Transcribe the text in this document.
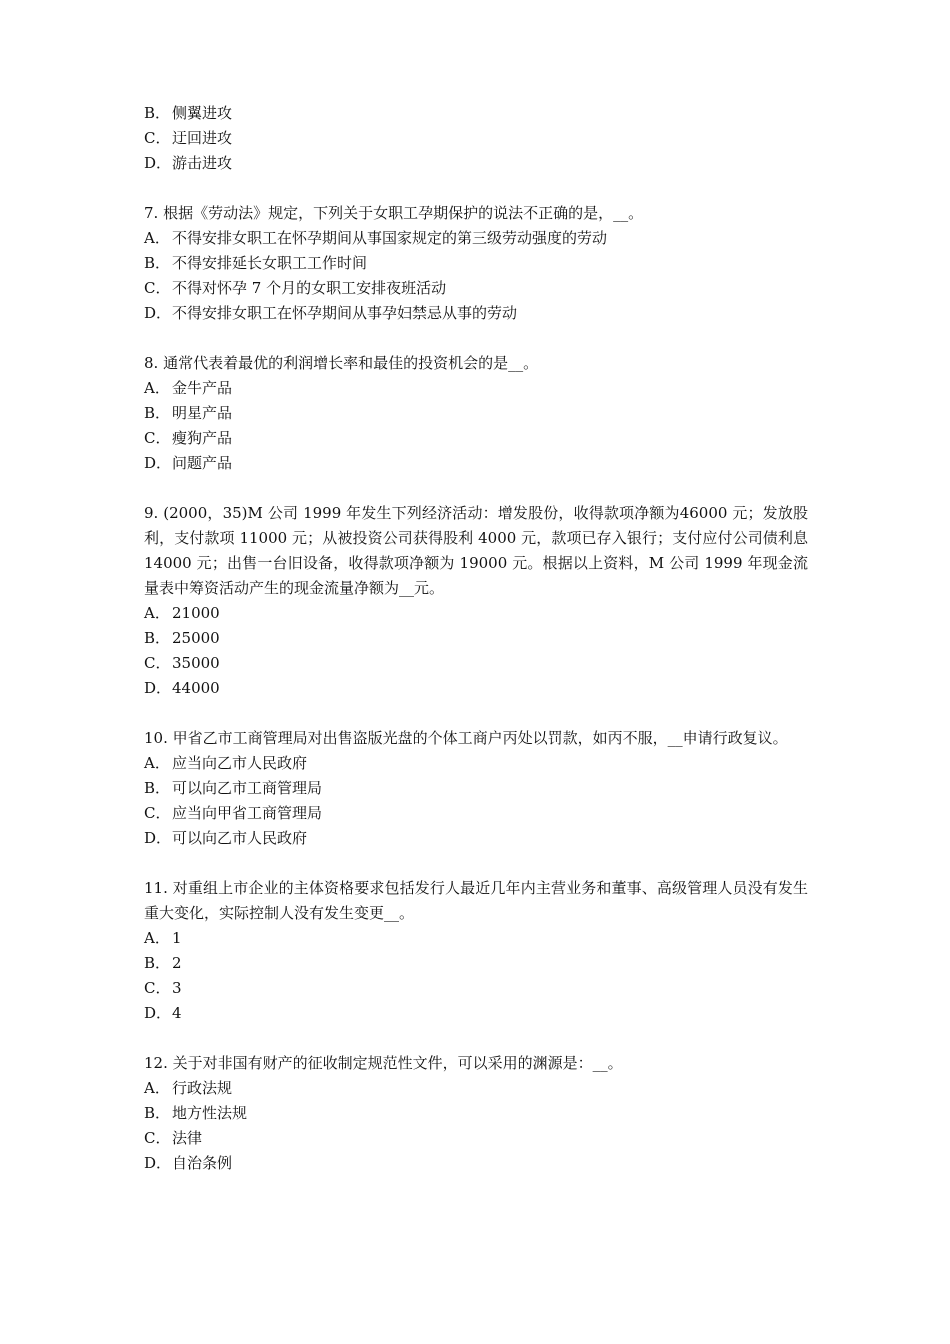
B． 侧翼进攻
C． 迂回进攻
D．游击进攻

7. 根据《劳动法》规定，下列关于女职工孕期保护的说法不正确的是，__。

A． 不得安排女职工在怀孕期间从事国家规定的第三级劳动强度的劳动
B． 不得安排延长女职工工作时间
C． 不得对怀孕 7 个月的女职工安排夜班活动
D．不得安排女职工在怀孕期间从事孕妇禁忌从事的劳动

8. 通常代表着最优的利润增长率和最佳的投资机会的是__。

A． 金牛产品
B． 明星产品
C． 瘦狗产品
D．问题产品

9. (2000，35)M 公司 1999 年发生下列经济活动：增发股份，收得款项净额为46000 元；发放股利，支付款项 11000 元；从被投资公司获得股利 4000 元，款项已存入银行；支付应付公司债利息 14000 元；出售一台旧设备，收得款项净额为 19000 元。根据以上资料，M 公司 1999 年现金流量表中筹资活动产生的现金流量净额为__元。

A． 21000
B． 25000
C． 35000
D．44000

10. 甲省乙市工商管理局对出售盗版光盘的个体工商户丙处以罚款，如丙不服，__申请行政复议。

A． 应当向乙市人民政府
B． 可以向乙市工商管理局
C． 应当向甲省工商管理局
D．可以向乙市人民政府

11. 对重组上市企业的主体资格要求包括发行人最近几年内主营业务和董事、高级管理人员没有发生重大变化，实际控制人没有发生变更__。

A． 1
B． 2
C． 3
D．4

12. 关于对非国有财产的征收制定规范性文件，可以采用的渊源是：__。

A． 行政法规
B． 地方性法规
C． 法律
D．自治条例
